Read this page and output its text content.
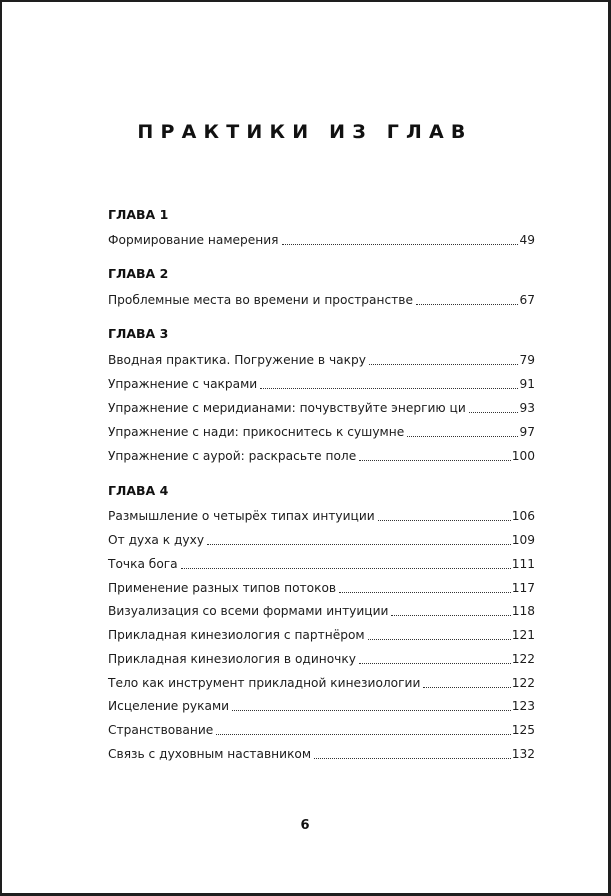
ПРАКТИКИ ИЗ ГЛАВ
ГЛАВА 1
Формирование намерения	49
ГЛАВА 2
Проблемные места во времени и пространстве	67
ГЛАВА 3
Вводная практика. Погружение в чакру	79
Упражнение с чакрами	91
Упражнение с меридианами: почувствуйте энергию ци	93
Упражнение с нади: прикоснитесь к сушумне	97
Упражнение с аурой: раскрасьте поле	100
ГЛАВА 4
Размышление о четырёх типах интуиции	106
От духа к духу	109
Точка бога	111
Применение разных типов потоков	117
Визуализация со всеми формами интуиции	118
Прикладная кинезиология с партнёром	121
Прикладная кинезиология в одиночку	122
Тело как инструмент прикладной кинезиологии	122
Исцеление руками	123
Странствование	125
Связь с духовным наставником	132
6
